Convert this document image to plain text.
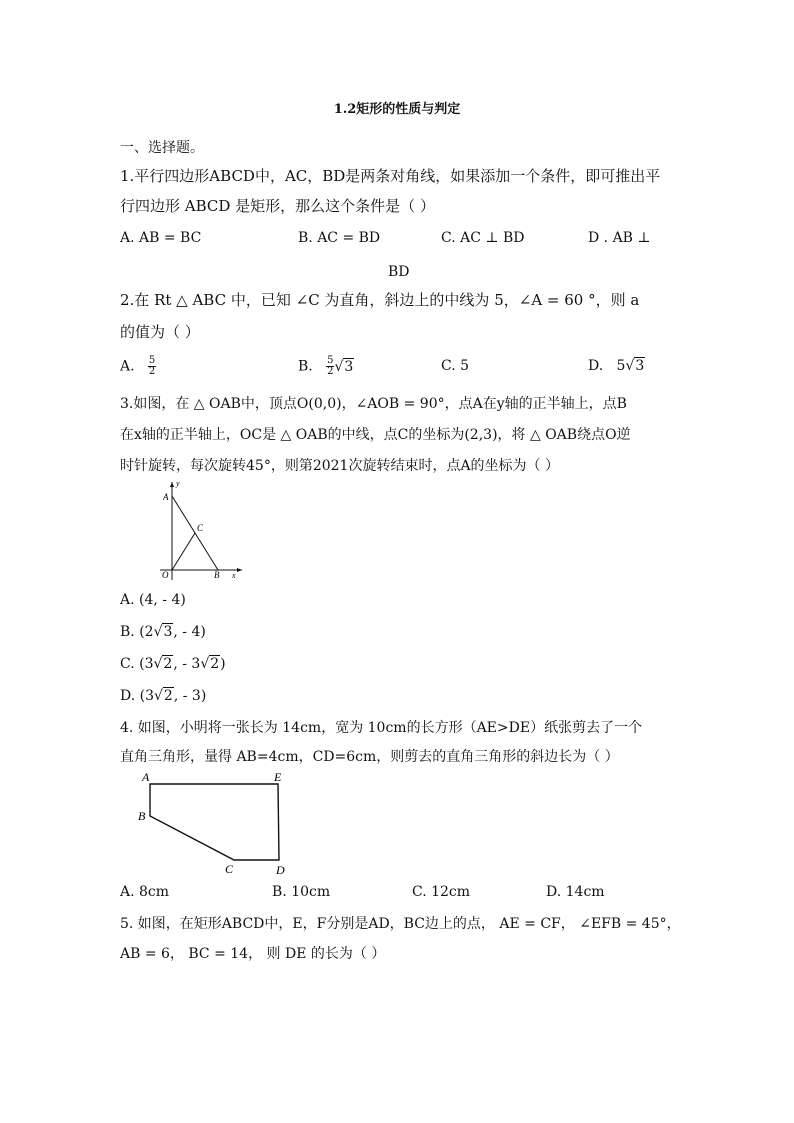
1.2矩形的性质与判定
一、选择题。
1.平行四边形ABCD中，AC，BD是两条对角线，如果添加一个条件，即可推出平
行四边形 ABCD 是矩形，那么这个条件是（ ）
A. AB = BC	B. AC = BD	C. AC ⊥ BD	D . AB ⊥
BD
2.在 Rt △ ABC 中，已知 ∠C 为直角，斜边上的中线为 5，∠A = 60 °，则 a
的值为（ ）
A. $\frac{5}{2}$	B. $\frac{5}{2} √3$	C. 5	D. 5√3
3.如图，在 △ OAB中，顶点O(0,0)，∠AOB = 90°，点A在y轴的正半轴上，点B
在x轴的正半轴上，OC是 △ OAB的中线，点C的坐标为(2,3)，将 △ OAB绕点O逆
时针旋转，每次旋转45°，则第2021次旋转结束时，点A的坐标为（ ）
A
y
C
O	B x
A. (4, - 4)
B. (2√3, - 4)
C. (3√2, - 3√2)
D. (3√2, - 3)
4. 如图，小明将一张长为 14cm，宽为 10cm的长方形（AE>DE）纸张剪去了一个
直角三角形，量得 AB=4cm，CD=6cm，则剪去的直角三角形的斜边长为（ ）
A	E
B
C	D
A. 8cm	B. 10cm	C. 12cm	D. 14cm
5. 如图，在矩形ABCD中，E，F分别是AD，BC边上的点， AE = CF， ∠EFB = 45°，
AB = 6， BC = 14， 则 DE 的长为（ ）
